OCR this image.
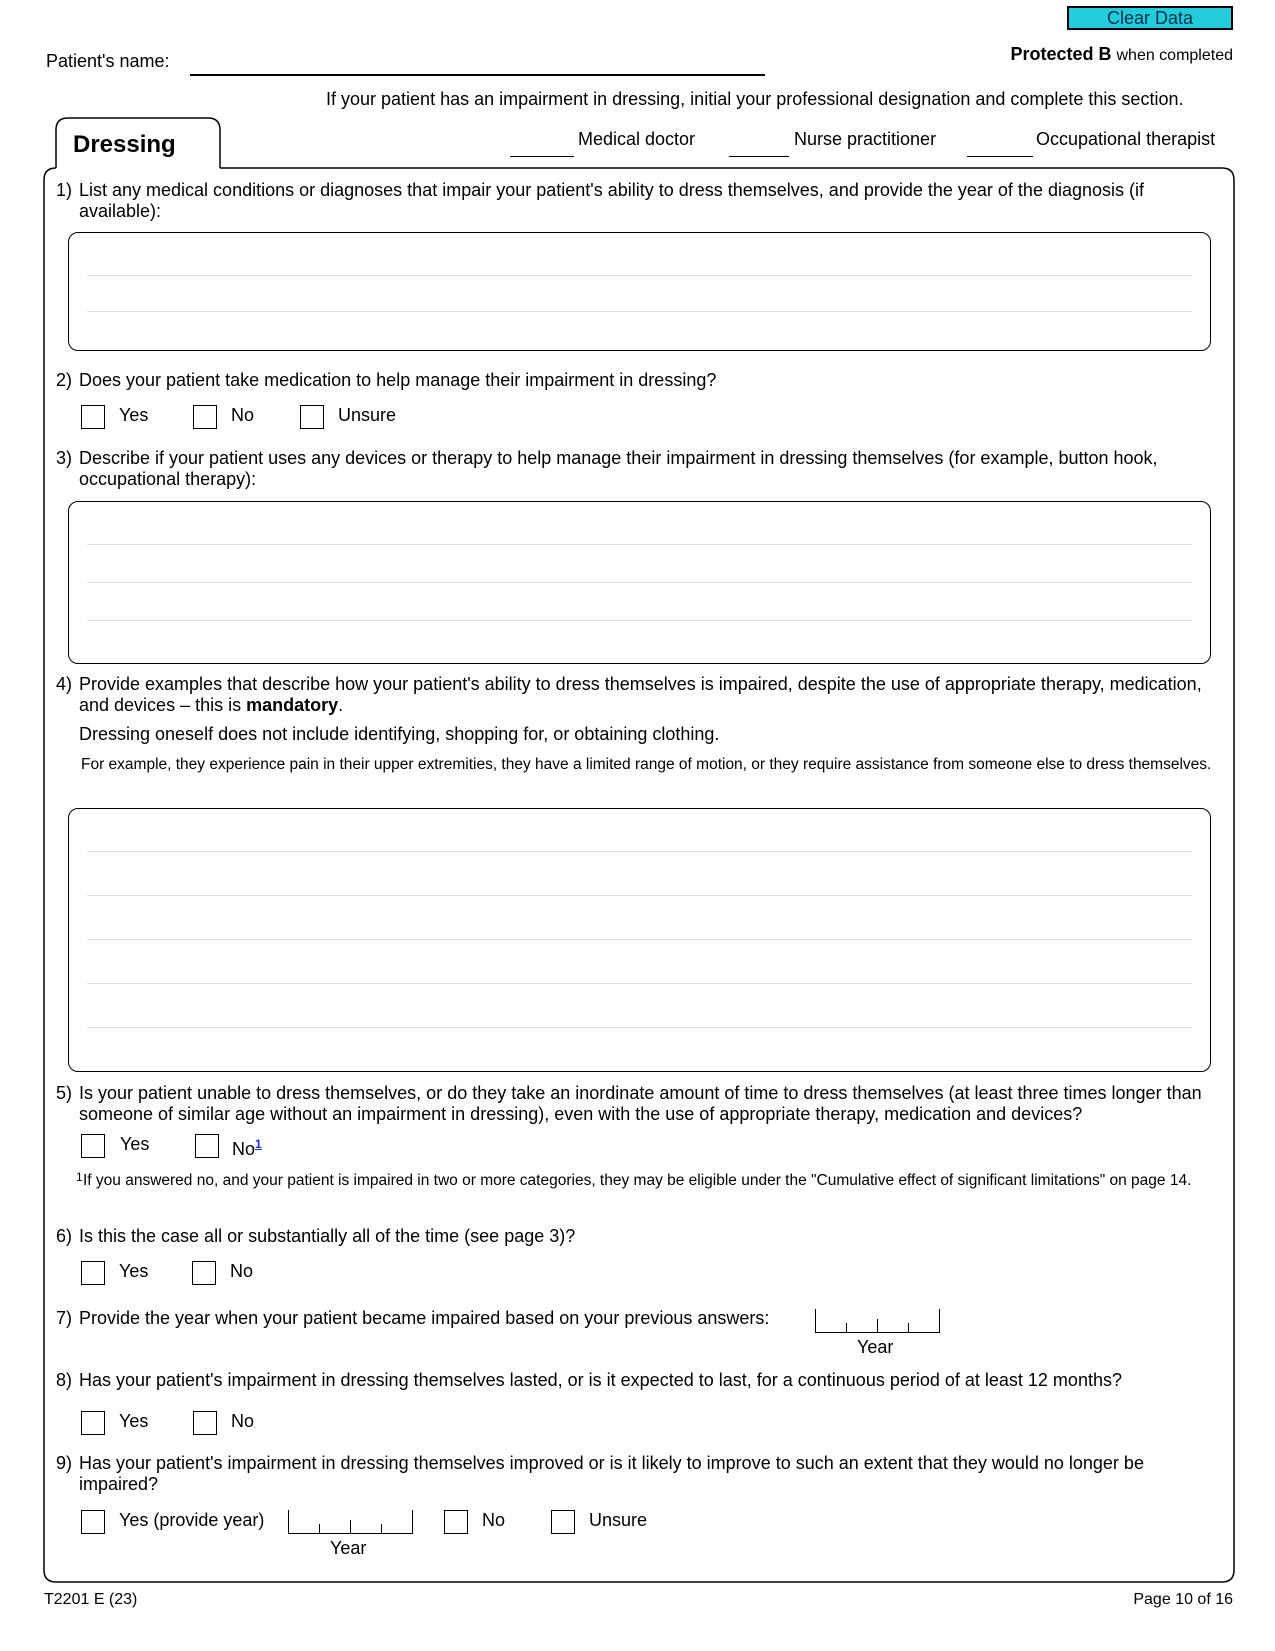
Clear Data
Patient's name:	Protected B when completed
If your patient has an impairment in dressing, initial your professional designation and complete this section.
Dressing	Medical doctor	Nurse practitioner	Occupational therapist
1) List any medical conditions or diagnoses that impair your patient's ability to dress themselves, and provide the year of the diagnosis (if available):
2) Does your patient take medication to help manage their impairment in dressing?
Yes	No	Unsure
3) Describe if your patient uses any devices or therapy to help manage their impairment in dressing themselves (for example, button hook, occupational therapy):
4) Provide examples that describe how your patient's ability to dress themselves is impaired, despite the use of appropriate therapy, medication, and devices – this is mandatory.
Dressing oneself does not include identifying, shopping for, or obtaining clothing.
For example, they experience pain in their upper extremities, they have a limited range of motion, or they require assistance from someone else to dress themselves.
5) Is your patient unable to dress themselves, or do they take an inordinate amount of time to dress themselves (at least three times longer than someone of similar age without an impairment in dressing), even with the use of appropriate therapy, medication and devices?
Yes	No$^1$
1 If you answered no, and your patient is impaired in two or more categories, they may be eligible under the "Cumulative effect of significant limitations" on page 14.
6) Is this the case all or substantially all of the time (see page 3)?
Yes	No
7) Provide the year when your patient became impaired based on your previous answers:
Year
8) Has your patient's impairment in dressing themselves lasted, or is it expected to last, for a continuous period of at least 12 months?
Yes	No
9) Has your patient's impairment in dressing themselves improved or is it likely to improve to such an extent that they would no longer be impaired?
Yes (provide year)
Year
No	Unsure
T2201 E (23)	Page 10 of 16
